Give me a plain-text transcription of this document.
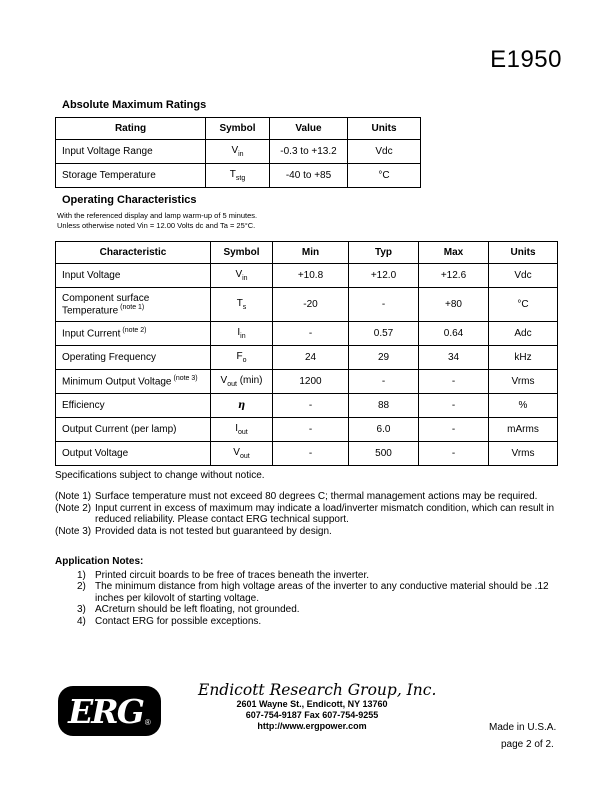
E1950
Absolute Maximum Ratings
Rating	Symbol	Value	Units
Input Voltage Range	$V_{in}$	-0.3 to +13.2	Vdc
Storage Temperature	$T_{stg}$	-40 to +85	°C
Operating Characteristics
With the referenced display and lamp warm-up of 5 minutes.
Unless otherwise noted Vin = 12.00 Volts dc and Ta = 25°C.
Characteristic	Symbol	Min	Typ	Max	Units
Input Voltage	$V_{in}$	+10.8	+12.0	+12.6	Vdc
Component surface Temperature $^{(note 1)}$	$T_s$	-20	-	+80	°C
Input Current $^{(note 2)}$	$I_{in}$	-	0.57	0.64	Adc
Operating Frequency	$F_o$	24	29	34	kHz
Minimum Output Voltage $^{(note 3)}$	$V_{out}$ (min)	1200	-	-	Vrms
Efficiency	η	-	88	-	%
Output Current (per lamp)	$I_{out}$	-	6.0	-	mArms
Output Voltage	$V_{out}$	-	500	-	Vrms
Specifications subject to change without notice.
(Note 1) Surface temperature must not exceed 80 degrees C; thermal management actions may be required.
(Note 2) Input current in excess of maximum may indicate a load/inverter mismatch condition, which can result in reduced reliability. Please contact ERG technical support.
(Note 3) Provided data is not tested but guaranteed by design.
Application Notes:
1) Printed circuit boards to be free of traces beneath the inverter.
2) The minimum distance from high voltage areas of the inverter to any conductive material should be .12 inches per kilovolt of starting voltage.
3) ACreturn should be left floating, not grounded.
4) Contact ERG for possible exceptions.
ERG ®
Endicott Research Group, Inc.
2601 Wayne St., Endicott, NY 13760
607-754-9187 Fax 607-754-9255
http://www.ergpower.com	Made in U.S.A.
page 2 of 2.
